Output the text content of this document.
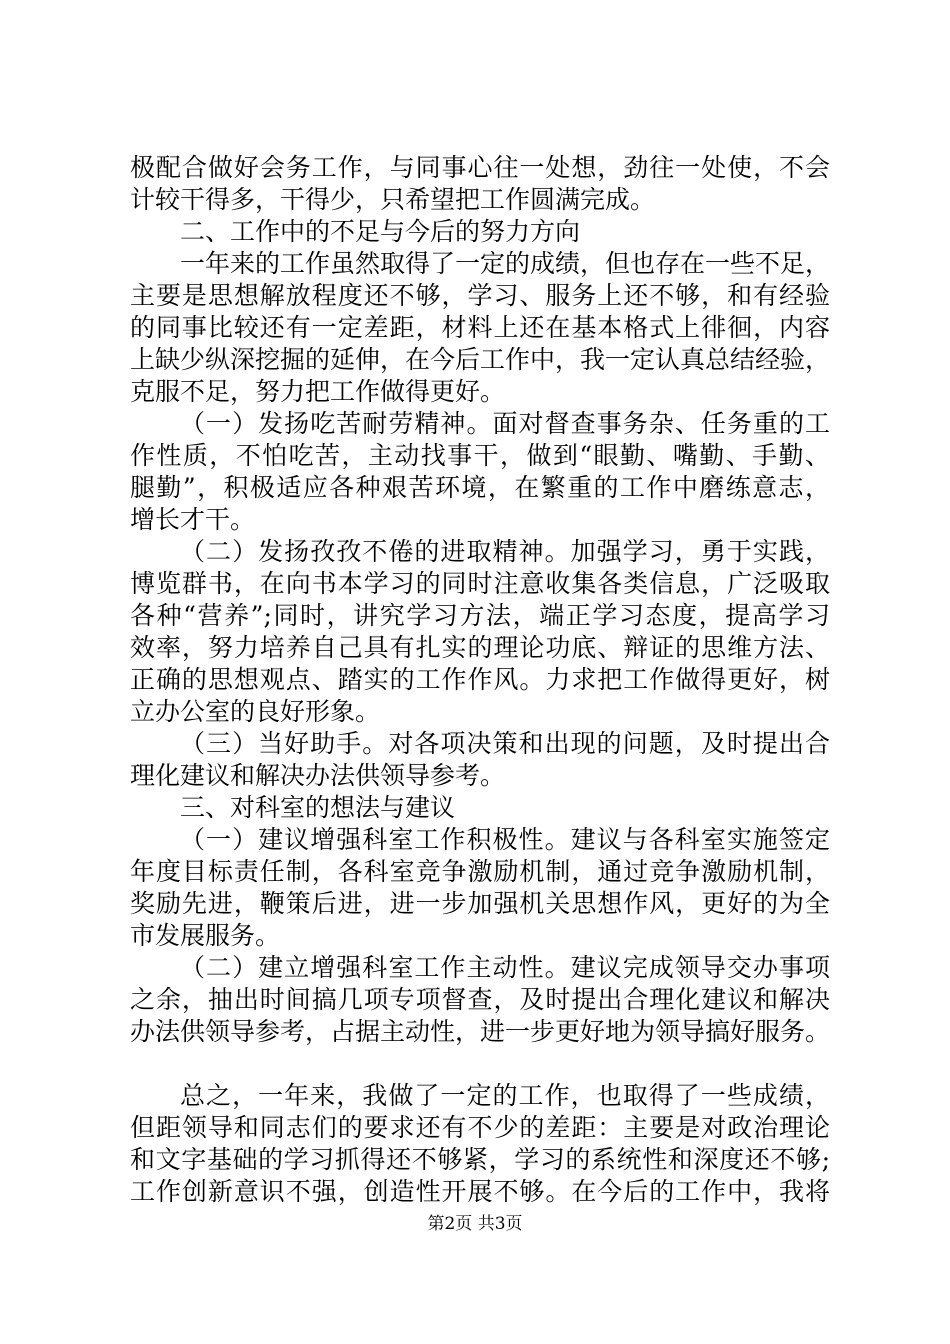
极配合做好会务工作，与同事心往一处想，劲往一处使，不会
计较干得多，干得少，只希望把工作圆满完成。
二、工作中的不足与今后的努力方向
一年来的工作虽然取得了一定的成绩，但也存在一些不足，
主要是思想解放程度还不够，学习、服务上还不够，和有经验
的同事比较还有一定差距，材料上还在基本格式上徘徊，内容
上缺少纵深挖掘的延伸，在今后工作中，我一定认真总结经验，
克服不足，努力把工作做得更好。
（一）发扬吃苦耐劳精神。面对督查事务杂、任务重的工
作性质，不怕吃苦，主动找事干，做到“眼勤、嘴勤、手勤、
腿勤”，积极适应各种艰苦环境，在繁重的工作中磨练意志，
增长才干。
（二）发扬孜孜不倦的进取精神。加强学习，勇于实践，
博览群书，在向书本学习的同时注意收集各类信息，广泛吸取
各种“营养”;同时，讲究学习方法，端正学习态度，提高学习
效率，努力培养自己具有扎实的理论功底、辩证的思维方法、
正确的思想观点、踏实的工作作风。力求把工作做得更好，树
立办公室的良好形象。
（三）当好助手。对各项决策和出现的问题，及时提出合
理化建议和解决办法供领导参考。
三、对科室的想法与建议
（一）建议增强科室工作积极性。建议与各科室实施签定
年度目标责任制，各科室竞争激励机制，通过竞争激励机制，
奖励先进，鞭策后进，进一步加强机关思想作风，更好的为全
市发展服务。
（二）建立增强科室工作主动性。建议完成领导交办事项
之余，抽出时间搞几项专项督查，及时提出合理化建议和解决
办法供领导参考，占据主动性，进一步更好地为领导搞好服务。
总之，一年来，我做了一定的工作，也取得了一些成绩，
但距领导和同志们的要求还有不少的差距：主要是对政治理论
和文字基础的学习抓得还不够紧，学习的系统性和深度还不够;
工作创新意识不强，创造性开展不够。在今后的工作中，我将
第2页 共3页
